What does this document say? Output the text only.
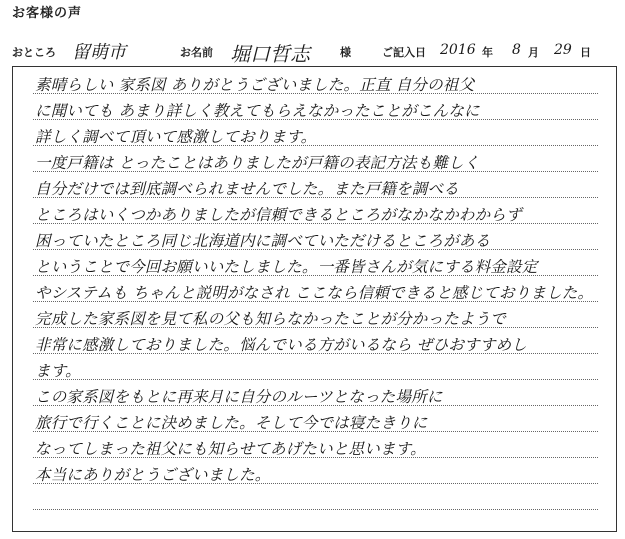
お客様の声
おところ 留萌市	お名前 堀口哲志	様	ご記入日 2016 年 8 月 29 日
素晴らしい 家系図 ありがとうございました。正直 自分の祖父
に聞いても あまり詳しく教えてもらえなかったことがこんなに
詳しく調べて頂いて感激しております。
一度戸籍は とったことはありましたが戸籍の表記方法も難しく
自分だけでは到底調べられませんでした。また戸籍を調べる
ところはいくつかありましたが信頼できるところがなかなかわからず
困っていたところ同じ北海道内に調べていただけるところがある
ということで今回お願いいたしました。一番皆さんが気にする料金設定
やシステムも ちゃんと説明がなされ ここなら信頼できると感じておりました。
完成した家系図を見て私の父も知らなかったことが分かったようで
非常に感激しておりました。悩んでいる方がいるなら ぜひおすすめし
ます。
この家系図をもとに再来月に自分のルーツとなった場所に
旅行で行くことに決めました。そして今では寝たきりに
なってしまった祖父にも知らせてあげたいと思います。
本当にありがとうございました。
